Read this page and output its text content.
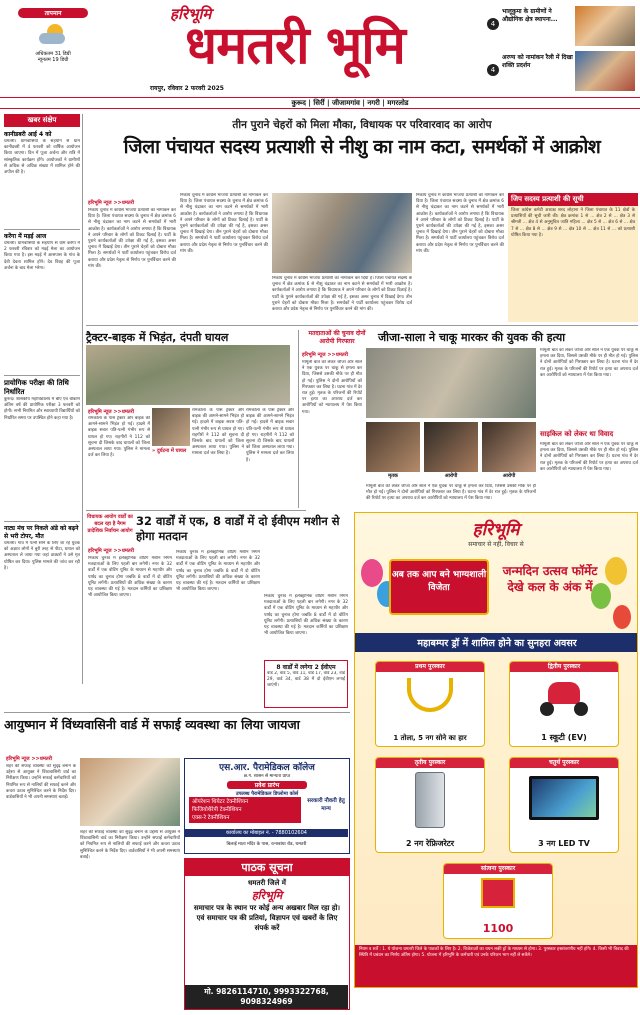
तापमान
अधिकतम 31 डिग्री
न्यूनतम 19 डिग्री
हरिभूमि
धमतरी भूमि
रायपुर, रविवार 2 फरवरी 2025
4
भालूकुमा के ग्रामीणों ने औद्योगिक क्षेत्र स्थापना...
4
अरण्य को नामांकन रैली में दिखा शक्ति प्रदर्शन
कुरूद | सिर्री | जीजामगांव | नगरी | मगरलोड
खबर संक्षेप
कानीडबरी आई 4 को
धमतरी। ग्रामवासियों के सहयोग से ग्राम कानीडबरी में 4 फरवरी को वार्षिक आयोजन किया जाएगा। दिन में पूजा अर्चना और रात्रि में सांस्कृतिक कार्यक्रम होंगे। आयोजकों ने ग्रामीणों से अधिक से अधिक संख्या में शामिल होने की अपील की है।
करेंगा में मड़ई आज
धमतरी। ग्रामवासियों के सहयोग से ग्राम करेंगा में 2 फरवरी रविवार को मड़ई मेला का आयोजन किया गया है। इस मड़ई में आसपास के गांव के देवी देवता शामिल होंगे। देव विग्रह की पूजा अर्चना के बाद मेला भरेगा।
प्रायोगिक परीक्षा की तिथि निर्धारित
कुरूद। शासकीय महाविद्यालय में बीए एवं बीकॉम अंतिम वर्ष की प्रायोगिक परीक्षा 3 फरवरी को होगी। सभी नियमित और स्वाध्यायी विद्यार्थियों को निर्धारित समय पर उपस्थित होने कहा गया है।
नाट्य मंच पर निकले अंडे को बढ़ने से भरी टोपर, मौत
धमतरी। गांव में पत्नी सोने के लिए जा रहे युवक को अज्ञात लोगों ने बुरी तरह से पीटा, घायल को अस्पताल ले जाया गया जहां डाक्टरों ने उसे मृत घोषित कर दिया। पुलिस मामले की जांच कर रही है।
तीन पुराने चेहरों को मिला मौका, विधायक पर परिवारवाद का आरोप
जिला पंचायत सदस्य प्रत्याशी से नीशु का नाम कटा, समर्थकों में आक्रोश
हरिभूमि न्यूज >>धमतरी
निकाय चुनाव में कांग्रेस भाजपा प्रत्याशी का नामांकन कर दिया है। जिला पंचायत सदस्य के चुनाव में क्षेत्र क्रमांक 6 से नीशु चंद्राकर का नाम कटने से समर्थकों में भारी आक्रोश है। कार्यकर्ताओं ने आरोप लगाया है कि विधायक ने अपने परिवार के लोगों को टिकट दिलाई है। पार्टी के पुराने कार्यकर्ताओं की उपेक्षा की गई है, इसका असर चुनाव में दिखाई देगा। तीन पुराने चेहरों को दोबारा मौका मिला है। समर्थकों ने पार्टी कार्यालय पहुंचकर विरोध दर्ज कराया और प्रदेश नेतृत्व से निर्णय पर पुनर्विचार करने की मांग की।
निकाय चुनाव में कांग्रेस भाजपा प्रत्याशी का नामांकन कर दिया है। जिला पंचायत सदस्य के चुनाव में क्षेत्र क्रमांक 6 से नीशु चंद्राकर का नाम कटने से समर्थकों में भारी आक्रोश है। कार्यकर्ताओं ने आरोप लगाया है कि विधायक ने अपने परिवार के लोगों को टिकट दिलाई है। पार्टी के पुराने कार्यकर्ताओं की उपेक्षा की गई है, इसका असर चुनाव में दिखाई देगा। तीन पुराने चेहरों को दोबारा मौका मिला है। समर्थकों ने पार्टी कार्यालय पहुंचकर विरोध दर्ज कराया और प्रदेश नेतृत्व से निर्णय पर पुनर्विचार करने की मांग की।
निकाय चुनाव में कांग्रेस भाजपा प्रत्याशी का नामांकन कर दिया है। जिला पंचायत सदस्य के चुनाव में क्षेत्र क्रमांक 6 से नीशु चंद्राकर का नाम कटने से समर्थकों में भारी आक्रोश है। कार्यकर्ताओं ने आरोप लगाया है कि विधायक ने अपने परिवार के लोगों को टिकट दिलाई है। पार्टी के पुराने कार्यकर्ताओं की उपेक्षा की गई है, इसका असर चुनाव में दिखाई देगा। तीन पुराने चेहरों को दोबारा मौका मिला है। समर्थकों ने पार्टी कार्यालय पहुंचकर विरोध दर्ज कराया और प्रदेश नेतृत्व से निर्णय पर पुनर्विचार करने की मांग की।
निकाय चुनाव में कांग्रेस भाजपा प्रत्याशी का नामांकन कर दिया है। जिला पंचायत सदस्य के चुनाव में क्षेत्र क्रमांक 6 से नीशु चंद्राकर का नाम कटने से समर्थकों में भारी आक्रोश है। कार्यकर्ताओं ने आरोप लगाया है कि विधायक ने अपने परिवार के लोगों को टिकट दिलाई है। पार्टी के पुराने कार्यकर्ताओं की उपेक्षा की गई है, इसका असर चुनाव में दिखाई देगा। तीन पुराने चेहरों को दोबारा मौका मिला है। समर्थकों ने पार्टी कार्यालय पहुंचकर विरोध दर्ज कराया और प्रदेश नेतृत्व से निर्णय पर पुनर्विचार करने की मांग की।
जिप सदस्य प्रत्याशी की सूची
जिला कांग्रेस कमेटी अध्यक्ष शरद लोहाना ने जिला पंचायत के 11 क्षेत्रों के प्रत्याशियों की सूची जारी की। क्षेत्र क्रमांक 1 से ... क्षेत्र 2 से ... क्षेत्र 3 से श्रीमती ... क्षेत्र 4 से अनुसूचित जाति महिला ... क्षेत्र 5 से ... क्षेत्र 6 से ... क्षेत्र 7 से ... क्षेत्र 8 से ... क्षेत्र 9 से ... क्षेत्र 10 से ... क्षेत्र 11 से ... को प्रत्याशी घोषित किया गया है।
ट्रैक्टर-बाइक में भिड़ंत, दंपती घायल
हरिभूमि न्यूज >>धमतरी
रामकोला के पास ट्रैक्टर और बाइक की आमने-सामने भिड़ंत हो गई। हादसे में बाइक सवार पति-पत्नी गंभीर रूप से घायल हो गए। राहगीरों ने 112 को सूचना दी जिसके बाद घायलों को जिला अस्पताल लाया गया। पुलिस ने मामला दर्ज कर लिया है।
» दुर्घटना में घायल
रामकोला के पास ट्रैक्टर और बाइक की आमने-सामने भिड़ंत हो गई। हादसे में बाइक सवार पति-पत्नी गंभीर रूप से घायल हो गए। राहगीरों ने 112 को सूचना दी जिसके बाद घायलों को जिला अस्पताल लाया गया। पुलिस ने मामला दर्ज कर लिया है।
रामकोला के पास ट्रैक्टर और बाइक की आमने-सामने भिड़ंत हो गई। हादसे में बाइक सवार पति-पत्नी गंभीर रूप से घायल हो गए। राहगीरों ने 112 को सूचना दी जिसके बाद घायलों को जिला अस्पताल लाया गया। पुलिस ने मामला दर्ज कर लिया है।
मतदाताओं की चुनाव दोनों आरोपी गिरफ्तार	जीजा-साला ने चाकू मारकर की युवक की हत्या
हरिभूमि न्यूज >>धमतरी
मामूली बात को लेकर जीजा और साले ने एक युवक पर चाकू से हमला कर दिया, जिससे उसकी मौके पर ही मौत हो गई। पुलिस ने दोनों आरोपियों को गिरफ्तार कर लिया है। घटना गांव में देर रात हुई। मृतक के परिजनों की रिपोर्ट पर हत्या का अपराध दर्ज कर आरोपियों को न्यायालय में पेश किया गया।
मृतक	आरोपी	आरोपी
मामूली बात को लेकर जीजा और साले ने एक युवक पर चाकू से हमला कर दिया, जिससे उसकी मौके पर ही मौत हो गई। पुलिस ने दोनों आरोपियों को गिरफ्तार कर लिया है। घटना गांव में देर रात हुई। मृतक के परिजनों की रिपोर्ट पर हत्या का अपराध दर्ज कर आरोपियों को न्यायालय में पेश किया गया।
मामूली बात को लेकर जीजा और साले ने एक युवक पर चाकू से हमला कर दिया, जिससे उसकी मौके पर ही मौत हो गई। पुलिस ने दोनों आरोपियों को गिरफ्तार कर लिया है। घटना गांव में देर रात हुई। मृतक के परिजनों की रिपोर्ट पर हत्या का अपराध दर्ज कर आरोपियों को न्यायालय में पेश किया गया।
साइकिल को लेकर था विवाद
मामूली बात को लेकर जीजा और साले ने एक युवक पर चाकू से हमला कर दिया, जिससे उसकी मौके पर ही मौत हो गई। पुलिस ने दोनों आरोपियों को गिरफ्तार कर लिया है। घटना गांव में देर रात हुई। मृतक के परिजनों की रिपोर्ट पर हत्या का अपराध दर्ज कर आरोपियों को न्यायालय में पेश किया गया।
विधायक आयोग वार्डों का बदल रहा है नैगम प्रादेशिक निर्वाचन आयोग
32 वार्डों में एक, 8 वार्डों में दो ईवीएम मशीन से होगा मतदान
हरिभूमि न्यूज >>धमतरी
निकाय चुनाव में इलेक्ट्रानिक वोटिंग मशीन निगम मतदाताओं के लिए पहली बार लगेगी। नगर के 32 वार्डों में एक वोटिंग यूनिट के माध्यम से महापौर और पार्षद का चुनाव होगा जबकि 8 वार्डों में दो वोटिंग यूनिट लगेंगी। प्रत्याशियों की अधिक संख्या के कारण यह व्यवस्था की गई है। मतदान कर्मियों का प्रशिक्षण भी आयोजित किया जाएगा।
निकाय चुनाव में इलेक्ट्रानिक वोटिंग मशीन निगम मतदाताओं के लिए पहली बार लगेगी। नगर के 32 वार्डों में एक वोटिंग यूनिट के माध्यम से महापौर और पार्षद का चुनाव होगा जबकि 8 वार्डों में दो वोटिंग यूनिट लगेंगी। प्रत्याशियों की अधिक संख्या के कारण यह व्यवस्था की गई है। मतदान कर्मियों का प्रशिक्षण भी आयोजित किया जाएगा।
निकाय चुनाव में इलेक्ट्रानिक वोटिंग मशीन निगम मतदाताओं के लिए पहली बार लगेगी। नगर के 32 वार्डों में एक वोटिंग यूनिट के माध्यम से महापौर और पार्षद का चुनाव होगा जबकि 8 वार्डों में दो वोटिंग यूनिट लगेंगी। प्रत्याशियों की अधिक संख्या के कारण यह व्यवस्था की गई है। मतदान कर्मियों का प्रशिक्षण भी आयोजित किया जाएगा।
8 वार्डों में लगेगा 2 ईवीएम
वार्ड 2, वार्ड 5, वार्ड 11, वार्ड 17, वार्ड 23, वार्ड 29, वार्ड 34, वार्ड 38 में दो ईवीएम लगाई जाएंगी।
आयुष्मान में विंध्यवासिनी वार्ड में सफाई व्यवस्था का लिया जायजा
हरिभूमि न्यूज >>धमतरी
शहर की सफाई व्यवस्था को सुदृढ़ बनाने के उद्देश्य से आयुक्त ने विंध्यवासिनी वार्ड का निरीक्षण किया। उन्होंने सफाई कर्मचारियों को नियमित रूप से नालियों की सफाई करने और कचरा उठाव सुनिश्चित करने के निर्देश दिए। वार्डवासियों ने भी अपनी समस्याएं बताईं।
शहर की सफाई व्यवस्था को सुदृढ़ बनाने के उद्देश्य से आयुक्त ने विंध्यवासिनी वार्ड का निरीक्षण किया। उन्होंने सफाई कर्मचारियों को नियमित रूप से नालियों की सफाई करने और कचरा उठाव सुनिश्चित करने के निर्देश दिए। वार्डवासियों ने भी अपनी समस्याएं बताईं।
एस.आर. पैरामेडिकल कॉलेज
छ.ग. शासन से मान्यता प्राप्त
प्रवेश प्रारंभ
उपलब्ध पैरामेडिकल डिप्लोमा कोर्स
ऑपरेशन थियेटर टेक्नीशियन
फिजियोथैरेपी टेक्नीशियन
एक्स-रे टेक्नीशियन
सरकारी नौकरी हेतु मान्य
कार्यालय का मोबाइल नं. - 7880102604
बिलाई माता मंदिर के पास, रत्नाबांधा रोड, धमतरी
पाठक सूचना
धमतरी जिले में
हरिभूमि
समाचार पत्र के स्थान पर कोई अन्य अखबार मिल रहा हो। एवं समाचार पत्र की प्रतियां, विज्ञापन एवं खबरों के लिए संपर्क करें
मो. 9826114710, 9993322768, 9098324969
हरिभूमि
समाचार से नहीं, विचार से
अब तक आप बने भाग्यशाली विजेता
जन्मदिन उत्सव फॉर्मेट देखे कल के अंक में
महाबम्पर ड्रॉ में शामिल होने का सुनहरा अवसर
प्रथम पुरस्कार
1 तोला, 5 नग सोने का हार
द्वितीय पुरस्कार
1 स्कूटी (EV)
तृतीय पुरस्कार
2 नग रेफ्रिजरेटर
चतुर्थ पुरस्कार
3 नग LED TV
सांत्वना पुरस्कार
1100
नियम व शर्तें : 1. ये योजना धमतरी जिले के पाठकों के लिए है। 2. विजेताओं का चयन लकी ड्रॉ के माध्यम से होगा। 3. पुरस्कार हस्तांतरणीय नहीं होंगे। 4. किसी भी विवाद की स्थिति में प्रबंधन का निर्णय अंतिम होगा। 5. योजना में हरिभूमि के कर्मचारी एवं उनके परिजन भाग नहीं ले सकेंगे।
